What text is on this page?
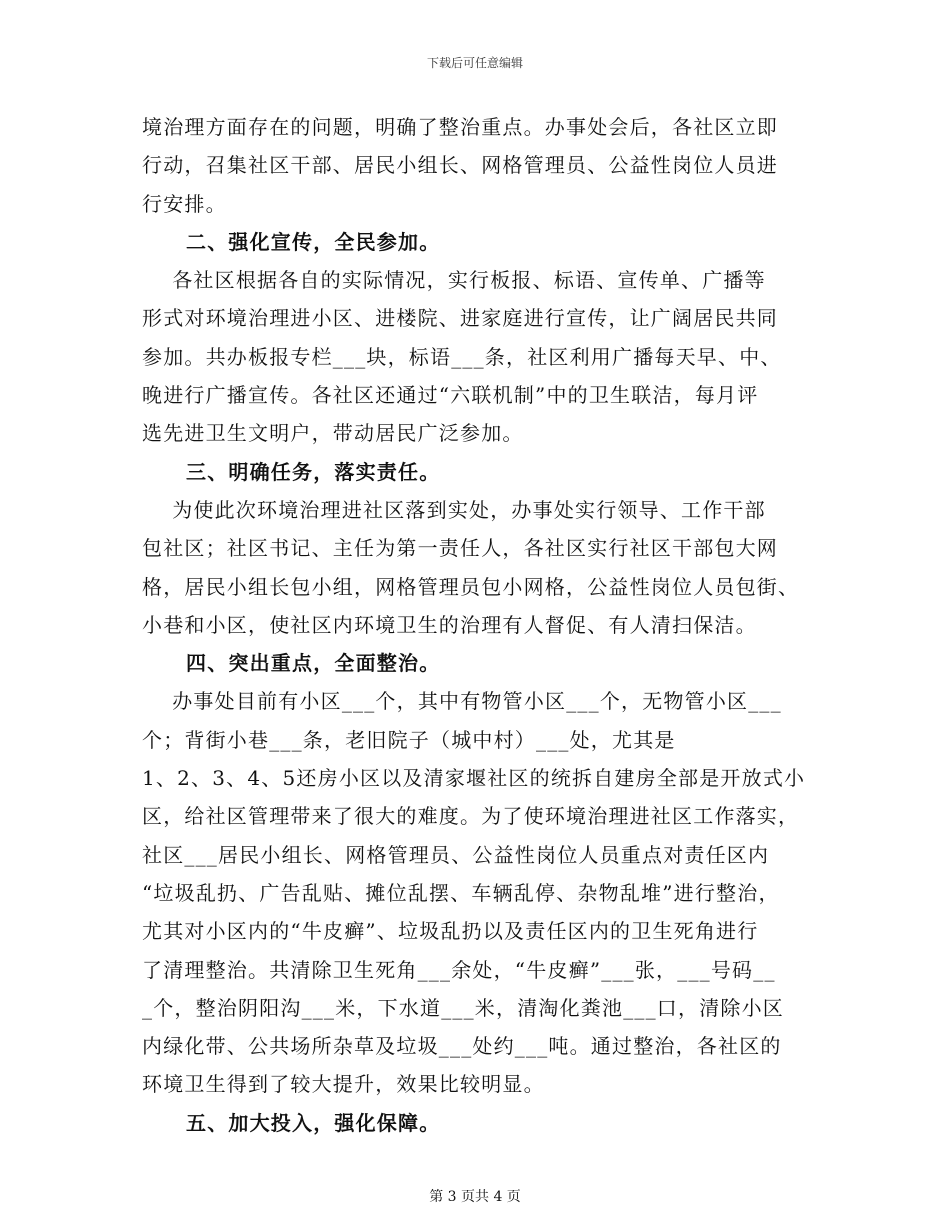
下载后可任意编辑

境治理方面存在的问题，明确了整治重点。办事处会后，各社区立即

行动，召集社区干部、居民小组长、网格管理员、公益性岗位人员进

行安排。

二、强化宣传，全民参加。

各社区根据各自的实际情况，实行板报、标语、宣传单、广播等

形式对环境治理进小区、进楼院、进家庭进行宣传，让广阔居民共同

参加。共办板报专栏___块，标语___条，社区利用广播每天早、中、

晚进行广播宣传。各社区还通过“六联机制”中的卫生联洁，每月评

选先进卫生文明户，带动居民广泛参加。

三、明确任务，落实责任。

为使此次环境治理进社区落到实处，办事处实行领导、工作干部

包社区；社区书记、主任为第一责任人，各社区实行社区干部包大网

格，居民小组长包小组，网格管理员包小网格，公益性岗位人员包街、

小巷和小区，使社区内环境卫生的治理有人督促、有人清扫保洁。

四、突出重点，全面整治。

办事处目前有小区___个，其中有物管小区___个，无物管小区___

个；背街小巷___条，老旧院子（城中村）___处，尤其是

1、2、3、4、5还房小区以及清家堰社区的统拆自建房全部是开放式小

区，给社区管理带来了很大的难度。为了使环境治理进社区工作落实，

社区___居民小组长、网格管理员、公益性岗位人员重点对责任区内

“垃圾乱扔、广告乱贴、摊位乱摆、车辆乱停、杂物乱堆”进行整治，

尤其对小区内的“牛皮癣”、垃圾乱扔以及责任区内的卫生死角进行

了清理整治。共清除卫生死角___余处，“牛皮癣”___张，___号码__

_个，整治阴阳沟___米，下水道___米，清淘化粪池___口，清除小区

内绿化带、公共场所杂草及垃圾___处约___吨。通过整治，各社区的

环境卫生得到了较大提升，效果比较明显。

五、加大投入，强化保障。

第 3 页共 4 页
